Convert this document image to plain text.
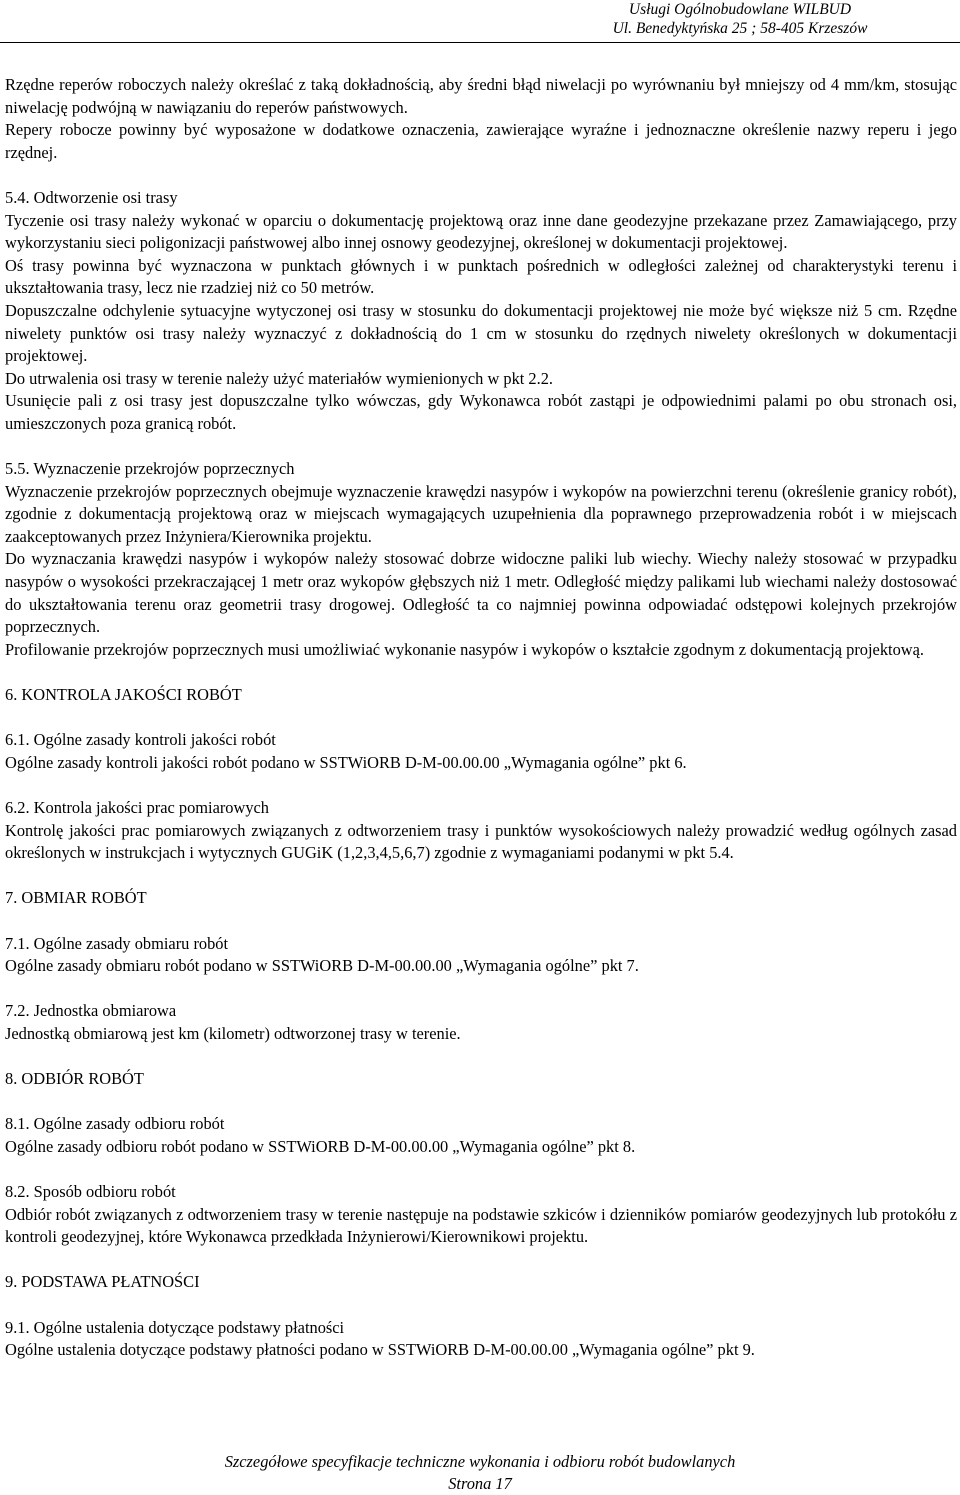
Usługi Ogólnobudowlane WILBUD
Ul. Benedyktyńska 25 ; 58-405 Krzeszów

Rzędne reperów roboczych należy określać z taką dokładnością, aby średni błąd niwelacji po wyrównaniu był mniejszy od 4 mm/km, stosując niwelację podwójną w nawiązaniu do reperów państwowych.

Repery robocze powinny być wyposażone w dodatkowe oznaczenia, zawierające wyraźne i jednoznaczne określenie nazwy reperu i jego rzędnej.

5.4. Odtworzenie osi trasy

Tyczenie osi trasy należy wykonać w oparciu o dokumentację projektową oraz inne dane geodezyjne przekazane przez Zamawiającego, przy wykorzystaniu sieci poligonizacji państwowej albo innej osnowy geodezyjnej, określonej w dokumentacji projektowej.

Oś trasy powinna być wyznaczona w punktach głównych i w punktach pośrednich w odległości zależnej od charakterystyki terenu i ukształtowania trasy, lecz nie rzadziej niż co 50 metrów.

Dopuszczalne odchylenie sytuacyjne wytyczonej osi trasy w stosunku do dokumentacji projektowej nie może być większe niż 5 cm. Rzędne niwelety punktów osi trasy należy wyznaczyć z dokładnością do 1 cm w stosunku do rzędnych niwelety określonych w dokumentacji projektowej.

Do utrwalenia osi trasy w terenie należy użyć materiałów wymienionych w pkt 2.2.

Usunięcie pali z osi trasy jest dopuszczalne tylko wówczas, gdy Wykonawca robót zastąpi je odpowiednimi palami po obu stronach osi, umieszczonych poza granicą robót.

5.5. Wyznaczenie przekrojów poprzecznych

Wyznaczenie przekrojów poprzecznych obejmuje wyznaczenie krawędzi nasypów i wykopów na powierzchni terenu (określenie granicy robót), zgodnie z dokumentacją projektową oraz w miejscach wymagających uzupełnienia dla poprawnego przeprowadzenia robót i w miejscach zaakceptowanych przez Inżyniera/Kierownika projektu.

Do wyznaczania krawędzi nasypów i wykopów należy stosować dobrze widoczne paliki lub wiechy. Wiechy należy stosować w przypadku nasypów o wysokości przekraczającej 1 metr oraz wykopów głębszych niż 1 metr. Odległość między palikami lub wiechami należy dostosować do ukształtowania terenu oraz geometrii trasy drogowej. Odległość ta co najmniej powinna odpowiadać odstępowi kolejnych przekrojów poprzecznych.

Profilowanie przekrojów poprzecznych musi umożliwiać wykonanie nasypów i wykopów o kształcie zgodnym z dokumentacją projektową.

6. KONTROLA JAKOŚCI ROBÓT

6.1. Ogólne zasady kontroli jakości robót

Ogólne zasady kontroli jakości robót podano w SSTWiORB D-M-00.00.00 „Wymagania ogólne” pkt 6.

6.2. Kontrola jakości prac pomiarowych

Kontrolę jakości prac pomiarowych związanych z odtworzeniem trasy i punktów wysokościowych należy prowadzić według ogólnych zasad określonych w instrukcjach i wytycznych GUGiK (1,2,3,4,5,6,7) zgodnie z wymaganiami podanymi w pkt 5.4.

7. OBMIAR ROBÓT

7.1. Ogólne zasady obmiaru robót

Ogólne zasady obmiaru robót podano w SSTWiORB D-M-00.00.00 „Wymagania ogólne” pkt 7.

7.2. Jednostka obmiarowa

Jednostką obmiarową jest km (kilometr) odtworzonej trasy w terenie.

8. ODBIÓR ROBÓT

8.1. Ogólne zasady odbioru robót

Ogólne zasady odbioru robót podano w SSTWiORB D-M-00.00.00 „Wymagania ogólne” pkt 8.

8.2. Sposób odbioru robót

Odbiór robót związanych z odtworzeniem trasy w terenie następuje na podstawie szkiców i dzienników pomiarów geodezyjnych lub protokółu z kontroli geodezyjnej, które Wykonawca przedkłada Inżynierowi/Kierownikowi projektu.

9. PODSTAWA PŁATNOŚCI

9.1. Ogólne ustalenia dotyczące podstawy płatności

Ogólne ustalenia dotyczące podstawy płatności podano w SSTWiORB D-M-00.00.00 „Wymagania ogólne” pkt 9.

Szczegółowe specyfikacje techniczne wykonania i odbioru robót budowlanych
Strona 17
